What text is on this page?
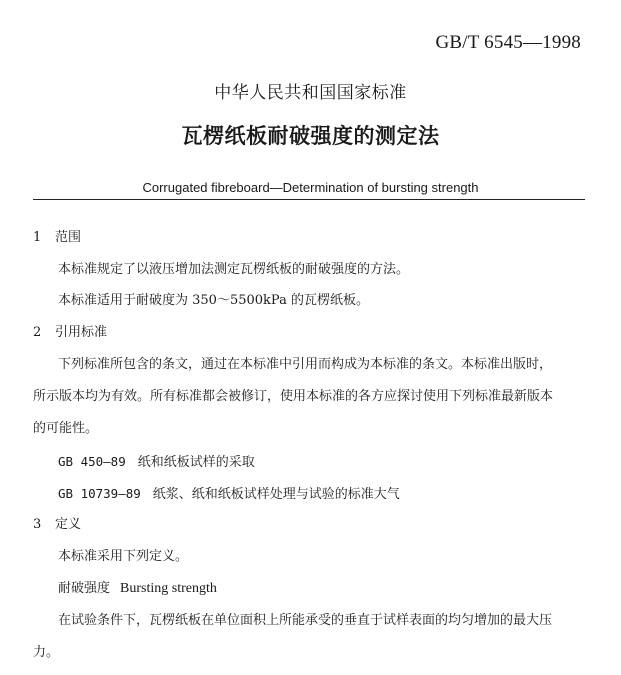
GB/T 6545—1998
中华人民共和国国家标准
瓦楞纸板耐破强度的测定法
Corrugated fibreboard—Determination of bursting strength
1 范围
本标准规定了以液压增加法测定瓦楞纸板的耐破强度的方法。
本标准适用于耐破度为 350～5500kPa 的瓦楞纸板。
2 引用标准
下列标准所包含的条文，通过在本标准中引用而构成为本标准的条文。本标准出版时，
所示版本均为有效。所有标准都会被修订，使用本标准的各方应探讨使用下列标准最新版本
的可能性。
GB 450—89 纸和纸板试样的采取
GB 10739—89 纸浆、纸和纸板试样处理与试验的标准大气
3 定义
本标准采用下列定义。
耐破强度 Bursting strength
在试验条件下，瓦楞纸板在单位面积上所能承受的垂直于试样表面的均匀增加的最大压
力。
